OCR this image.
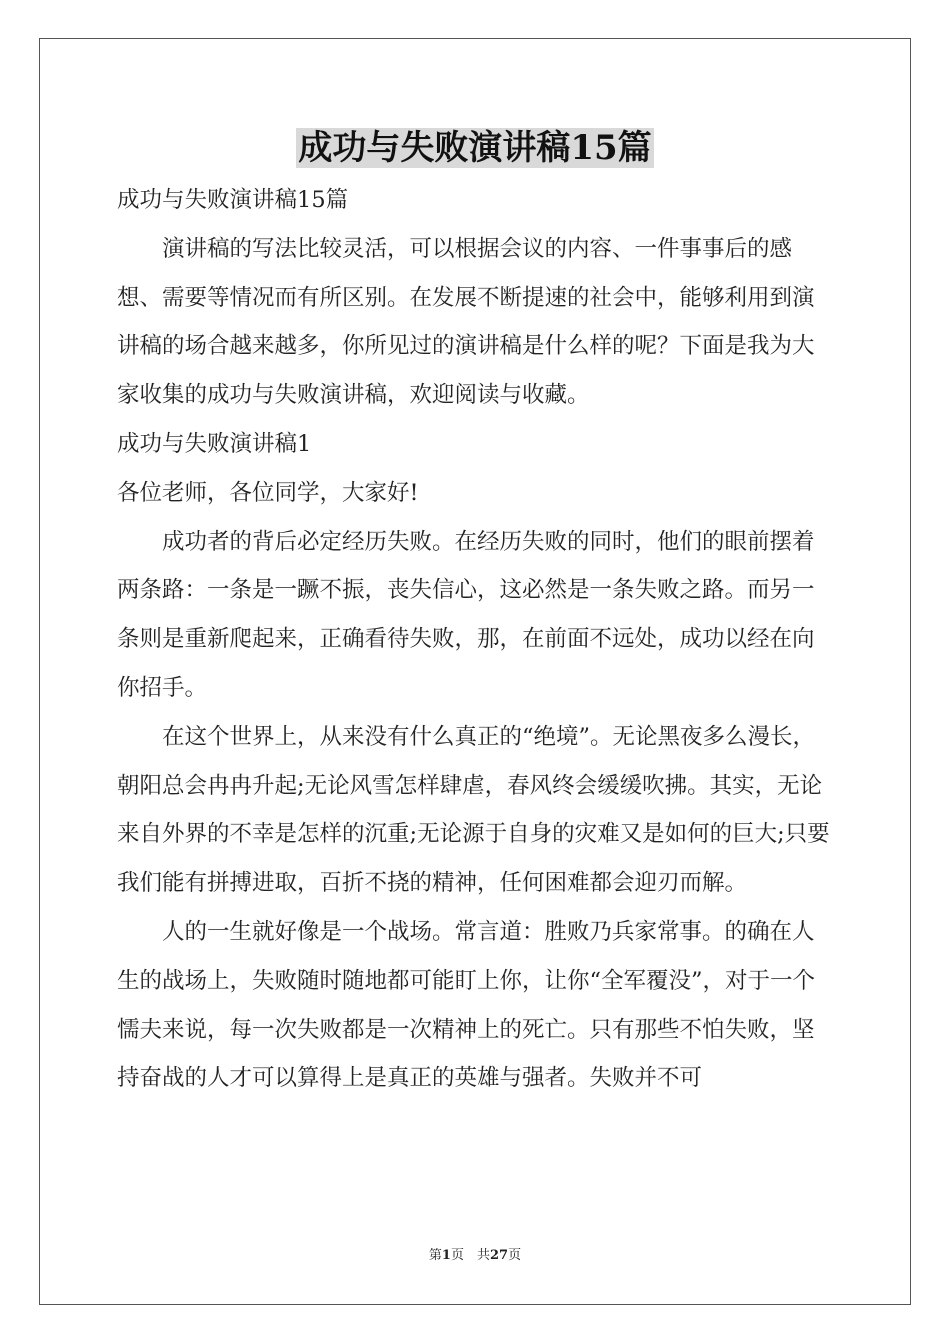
成功与失败演讲稿15篇

成功与失败演讲稿15篇

演讲稿的写法比较灵活，可以根据会议的内容、一件事事后的感想、需要等情况而有所区别。在发展不断提速的社会中，能够利用到演讲稿的场合越来越多，你所见过的演讲稿是什么样的呢？下面是我为大家收集的成功与失败演讲稿，欢迎阅读与收藏。

成功与失败演讲稿1

各位老师，各位同学，大家好!

成功者的背后必定经历失败。在经历失败的同时，他们的眼前摆着两条路：一条是一蹶不振，丧失信心，这必然是一条失败之路。而另一条则是重新爬起来，正确看待失败，那，在前面不远处，成功以经在向你招手。

在这个世界上，从来没有什么真正的“绝境”。无论黑夜多么漫长，朝阳总会冉冉升起;无论风雪怎样肆虐，春风终会缓缓吹拂。其实，无论来自外界的不幸是怎样的沉重;无论源于自身的灾难又是如何的巨大;只要我们能有拼搏进取，百折不挠的精神，任何困难都会迎刃而解。

人的一生就好像是一个战场。常言道：胜败乃兵家常事。的确在人生的战场上，失败随时随地都可能盯上你，让你“全军覆没”，对于一个懦夫来说，每一次失败都是一次精神上的死亡。只有那些不怕失败，坚持奋战的人才可以算得上是真正的英雄与强者。失败并不可

第1页　共27页
